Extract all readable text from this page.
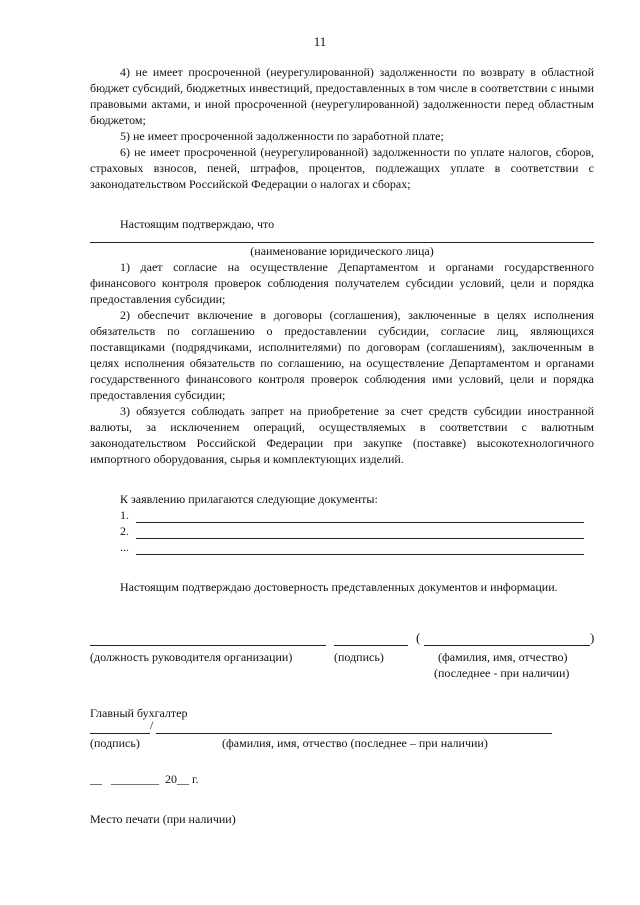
11

4) не имеет просроченной (неурегулированной) задолженности по возврату в областной бюджет субсидий, бюджетных инвестиций, предоставленных в том числе в соответствии с иными правовыми актами, и иной просроченной (неурегулированной) задолженности перед областным бюджетом;

5) не имеет просроченной задолженности по заработной плате;

6) не имеет просроченной (неурегулированной) задолженности по уплате налогов, сборов, страховых взносов, пеней, штрафов, процентов, подлежащих уплате в соответствии с законодательством Российской Федерации о налогах и сборах;

Настоящим подтверждаю, что

(наименование юридического лица)

1) дает согласие на осуществление Департаментом и органами государственного финансового контроля проверок соблюдения получателем субсидии условий, цели и порядка предоставления субсидии;

2) обеспечит включение в договоры (соглашения), заключенные в целях исполнения обязательств по соглашению о предоставлении субсидии, согласие лиц, являющихся поставщиками (подрядчиками, исполнителями) по договорам (соглашениям), заключенным в целях исполнения обязательств по соглашению, на осуществление Департаментом и органами государственного финансового контроля проверок соблюдения ими условий, цели и порядка предоставления субсидии;

3) обязуется соблюдать запрет на приобретение за счет средств субсидии иностранной валюты, за исключением операций, осуществляемых в соответствии с валютным законодательством Российской Федерации при закупке (поставке) высокотехнологичного импортного оборудования, сырья и комплектующих изделий.

К заявлению прилагаются следующие документы:

1.
2.
...

Настоящим подтверждаю достоверность представленных документов и информации.

(	)
(должность руководителя организации)	(подпись)	(фамилия, имя, отчество)
(последнее - при наличии)
Главный бухгалтер
/
(подпись)	(фамилия, имя, отчество (последнее – при наличии)
__ ________ 20__ г.
Место печати (при наличии)
